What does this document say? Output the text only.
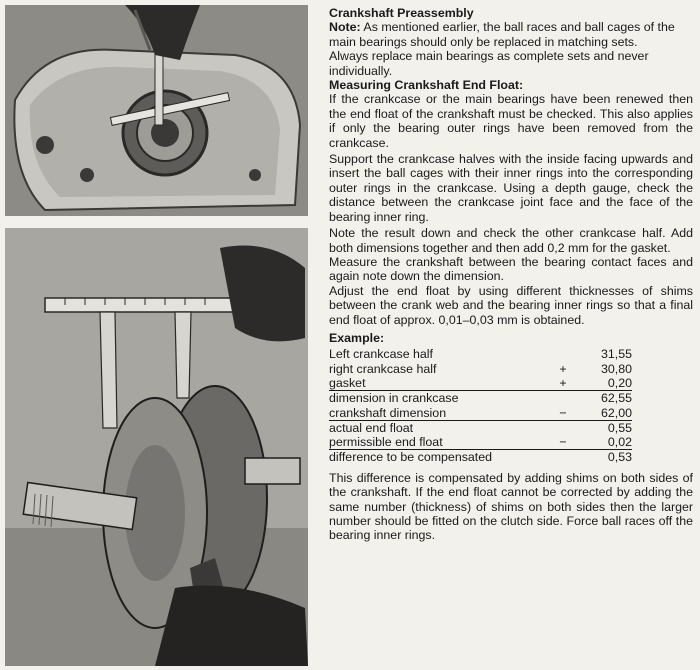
Crankshaft Preassembly

Note: As mentioned earlier, the ball races and ball cages of the main bearings should only be replaced in matching sets.

Always replace main bearings as complete sets and never individually.

Measuring Crankshaft End Float:

If the crankcase or the main bearings have been renewed then the end float of the crankshaft must be checked. This also applies if only the bearing outer rings have been removed from the crankcase.

Support the crankcase halves with the inside facing upwards and insert the ball cages with their inner rings into the corresponding outer rings in the crankcase. Using a depth gauge, check the distance between the crankcase joint face and the face of the bearing inner ring.

Note the result down and check the other crankcase half. Add both dimensions together and then add 0,2 mm for the gasket.

Measure the crankshaft between the bearing contact faces and again note down the dimension.

Adjust the end float by using different thicknesses of shims between the crank web and the bearing inner rings so that a final end float of approx. 0,01–0,03 mm is obtained.

Example:

Left crankcase half		31,55
right crankcase half	+	30,80
gasket	+	0,20
dimension in crankcase		62,55
crankshaft dimension	−	62,00
actual end float		0,55
permissible end float	−	0,02
difference to be compensated		0,53

This difference is compensated by adding shims on both sides of the crankshaft. If the end float cannot be corrected by adding the same number (thickness) of shims on both sides then the larger number should be fitted on the clutch side. Force ball races off the bearing inner rings.
